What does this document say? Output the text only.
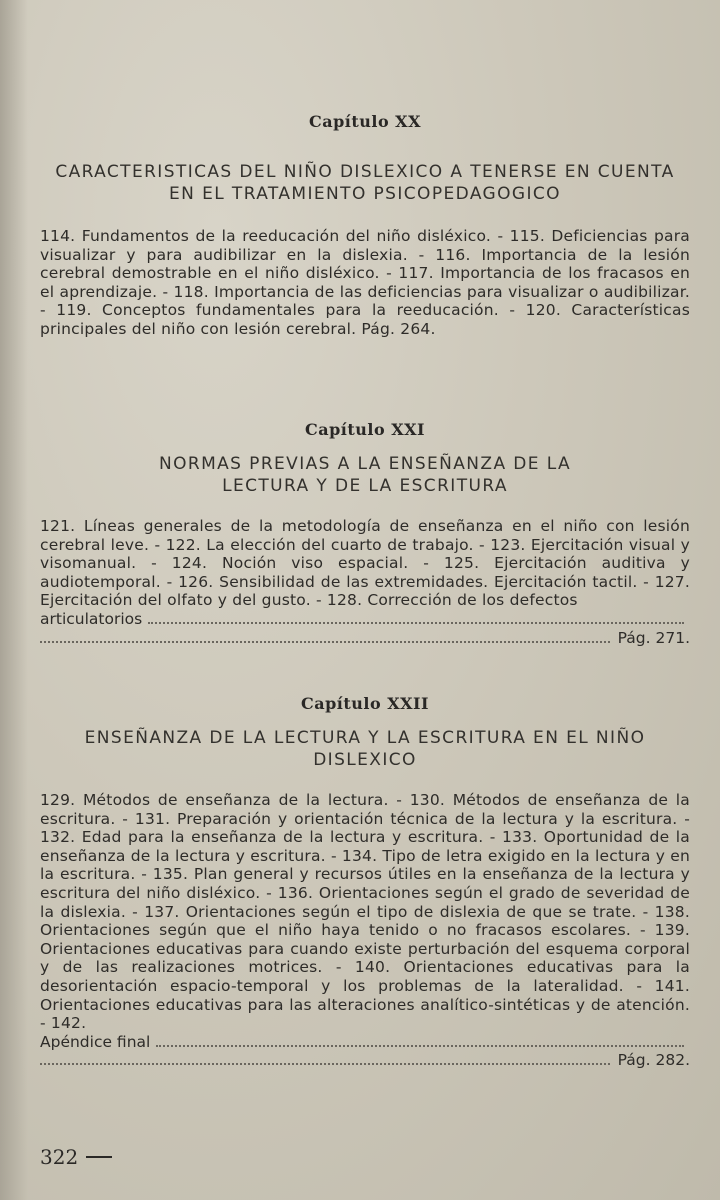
Capítulo XX
CARACTERISTICAS DEL NIÑO DISLEXICO A TENERSE EN CUENTA EN EL TRATAMIENTO PSICOPEDAGOGICO
114. Fundamentos de la reeducación del niño disléxico. - 115. Deficiencias para visualizar y para audibilizar en la dislexia. - 116. Importancia de la lesión cerebral demostrable en el niño disléxico. - 117. Importancia de los fracasos en el aprendizaje. - 118. Importancia de las deficiencias para visualizar o audibilizar. - 119. Conceptos fundamentales para la reeducación. - 120. Características principales del niño con lesión cerebral. Pág. 264.
Capítulo XXI
NORMAS PREVIAS A LA ENSEÑANZA DE LA LECTURA Y DE LA ESCRITURA
121. Líneas generales de la metodología de enseñanza en el niño con lesión cerebral leve. - 122. La elección del cuarto de trabajo. - 123. Ejercitación visual y visomanual. - 124. Noción viso espacial. - 125. Ejercitación auditiva y audiotemporal. - 126. Sensibilidad de las extremidades. Ejercitación tactil. - 127. Ejercitación del olfato y del gusto. - 128. Corrección de los defectos
articulatorios
Pág. 271.
Capítulo XXII
ENSEÑANZA DE LA LECTURA Y LA ESCRITURA EN EL NIÑO DISLEXICO
129. Métodos de enseñanza de la lectura. - 130. Métodos de enseñanza de la escritura. - 131. Preparación y orientación técnica de la lectura y la escritura. - 132. Edad para la enseñanza de la lectura y escritura. - 133. Oportunidad de la enseñanza de la lectura y escritura. - 134. Tipo de letra exigido en la lectura y en la escritura. - 135. Plan general y recursos útiles en la enseñanza de la lectura y escritura del niño disléxico. - 136. Orientaciones según el grado de severidad de la dislexia. - 137. Orientaciones según el tipo de dislexia de que se trate. - 138. Orientaciones según que el niño haya tenido o no fracasos escolares. - 139. Orientaciones educativas para cuando existe perturbación del esquema corporal y de las realizaciones motrices. - 140. Orientaciones educativas para la desorientación espacio-temporal y los problemas de la lateralidad. - 141. Orientaciones educativas para las alteraciones analítico-sintéticas y de atención. - 142.
Apéndice final
Pág. 282.
322
